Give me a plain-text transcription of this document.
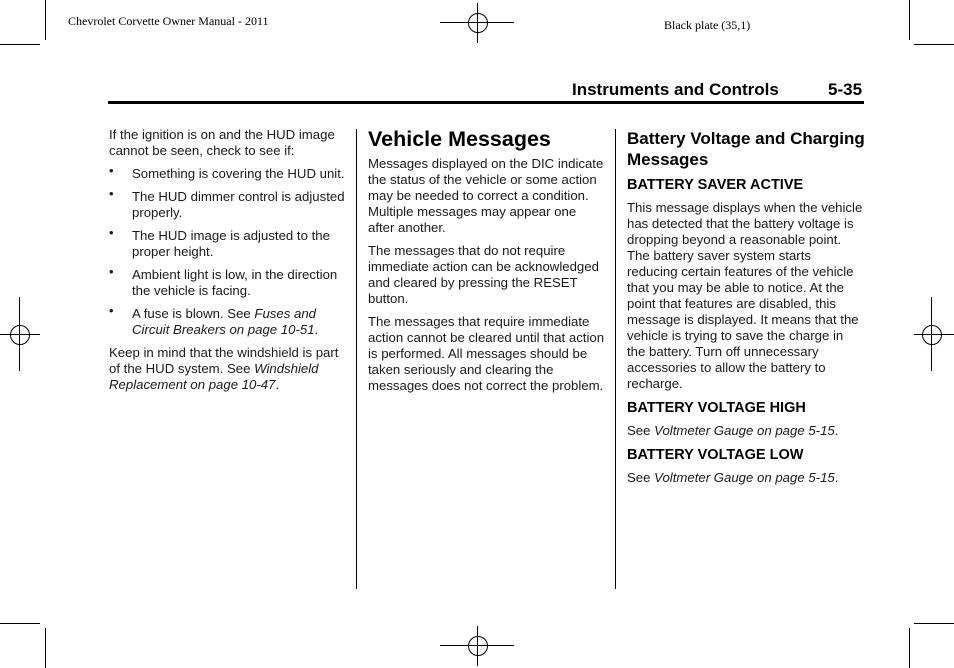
Chevrolet Corvette Owner Manual - 2011	Black plate (35,1)
Instruments and Controls	5-35

If the ignition is on and the HUD image cannot be seen, check to see if:

• Something is covering the HUD unit.
• The HUD dimmer control is adjusted properly.
• The HUD image is adjusted to the proper height.
• Ambient light is low, in the direction the vehicle is facing.
• A fuse is blown. See Fuses and Circuit Breakers on page 10-51.

Keep in mind that the windshield is part of the HUD system. See Windshield Replacement on page 10-47.

Vehicle Messages

Messages displayed on the DIC indicate the status of the vehicle or some action may be needed to correct a condition. Multiple messages may appear one after another.

The messages that do not require immediate action can be acknowledged and cleared by pressing the RESET button.

The messages that require immediate action cannot be cleared until that action is performed. All messages should be taken seriously and clearing the messages does not correct the problem.

Battery Voltage and Charging Messages
BATTERY SAVER ACTIVE

This message displays when the vehicle has detected that the battery voltage is dropping beyond a reasonable point. The battery saver system starts reducing certain features of the vehicle that you may be able to notice. At the point that features are disabled, this message is displayed. It means that the vehicle is trying to save the charge in the battery. Turn off unnecessary accessories to allow the battery to recharge.

BATTERY VOLTAGE HIGH

See Voltmeter Gauge on page 5-15.

BATTERY VOLTAGE LOW

See Voltmeter Gauge on page 5-15.
